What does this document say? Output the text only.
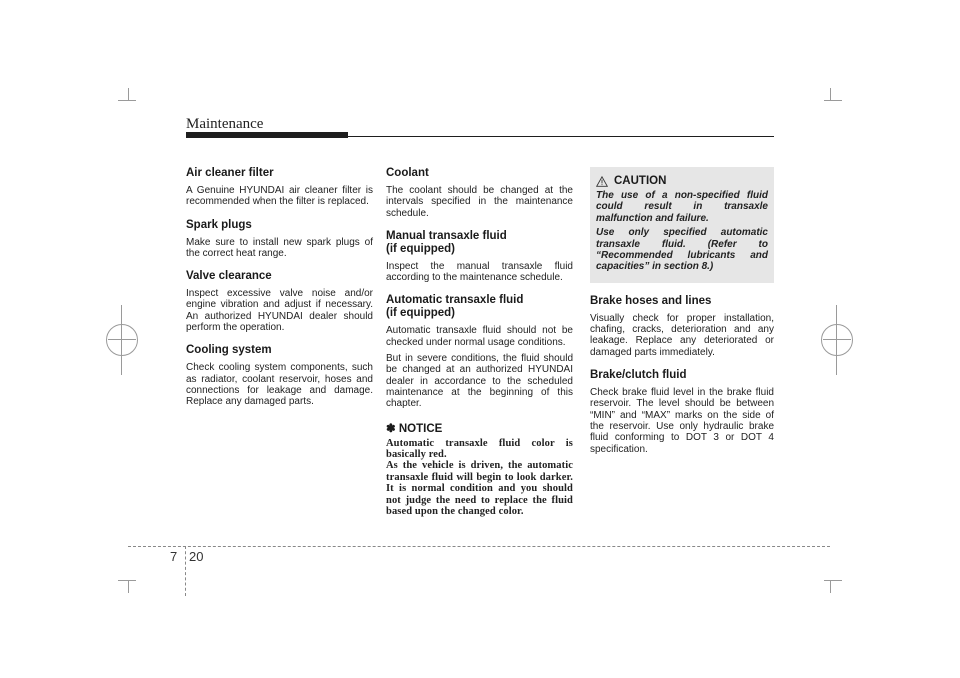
Maintenance
Air cleaner filter

A Genuine HYUNDAI air cleaner filter is recommended when the filter is replaced.

Spark plugs

Make sure to install new spark plugs of the correct heat range.

Valve clearance

Inspect excessive valve noise and/or engine vibration and adjust if necessary. An authorized HYUNDAI dealer should perform the operation.

Cooling system

Check cooling system components, such as radiator, coolant reservoir, hoses and connections for leakage and damage. Replace any damaged parts.

Coolant

The coolant should be changed at the intervals specified in the maintenance schedule.

Manual transaxle fluid
(if equipped)

Inspect the manual transaxle fluid according to the maintenance schedule.

Automatic transaxle fluid
(if equipped)

Automatic transaxle fluid should not be checked under normal usage conditions.

But in severe conditions, the fluid should be changed at an authorized HYUNDAI dealer in accordance to the scheduled maintenance at the beginning of this chapter.

✽ NOTICE

Automatic transaxle fluid color is basically red.

As the vehicle is driven, the automatic transaxle fluid will begin to look darker. It is normal condition and you should not judge the need to replace the fluid based upon the changed color.

CAUTION

The use of a non-specified fluid could result in transaxle malfunction and failure.

Use only specified automatic transaxle fluid. (Refer to “Recommended lubricants and capacities” in section 8.)

Brake hoses and lines

Visually check for proper installation, chafing, cracks, deterioration and any leakage. Replace any deteriorated or damaged parts immediately.

Brake/clutch fluid

Check brake fluid level in the brake fluid reservoir. The level should be between “MIN” and “MAX” marks on the side of the reservoir. Use only hydraulic brake fluid conforming to DOT 3 or DOT 4 specification.

7 20
